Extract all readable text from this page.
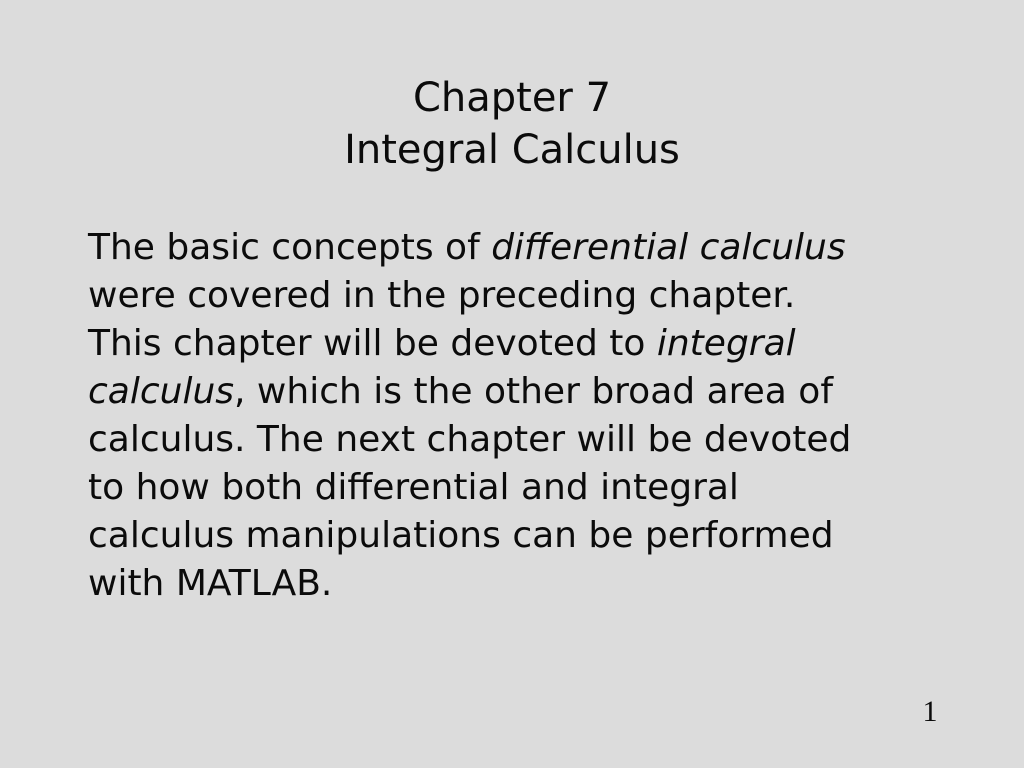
Chapter 7
Integral Calculus
The basic concepts of differential calculus
were covered in the preceding chapter.
This chapter will be devoted to integral
calculus, which is the other broad area of
calculus. The next chapter will be devoted
to how both differential and integral
calculus manipulations can be performed
with MATLAB.
1
